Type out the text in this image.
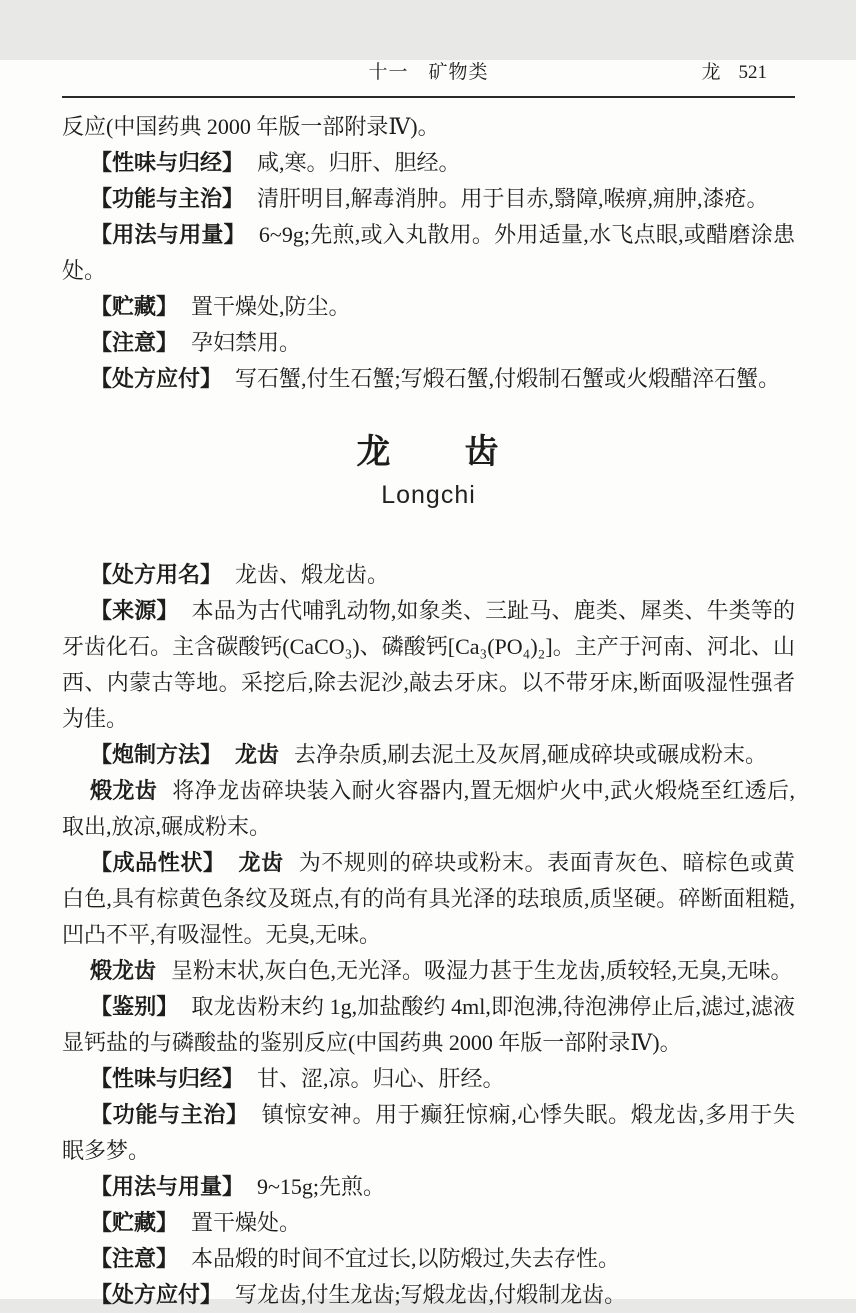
十一　矿物类	龙 521

反应(中国药典 2000 年版一部附录Ⅳ)。

【性味与归经】 咸,寒。归肝、胆经。

【功能与主治】 清肝明目,解毒消肿。用于目赤,翳障,喉痹,痈肿,漆疮。

【用法与用量】 6~9g;先煎,或入丸散用。外用适量,水飞点眼,或醋磨涂患处。

【贮藏】 置干燥处,防尘。

【注意】 孕妇禁用。

【处方应付】 写石蟹,付生石蟹;写煅石蟹,付煅制石蟹或火煅醋淬石蟹。

龙　　齿
Longchi

【处方用名】 龙齿、煅龙齿。

【来源】 本品为古代哺乳动物,如象类、三趾马、鹿类、犀类、牛类等的牙齿化石。主含碳酸钙(CaCO₃)、磷酸钙[Ca₃(PO₄)₂]。主产于河南、河北、山西、内蒙古等地。采挖后,除去泥沙,敲去牙床。以不带牙床,断面吸湿性强者为佳。

【炮制方法】 龙齿 去净杂质,刷去泥土及灰屑,砸成碎块或碾成粉末。

煅龙齿 将净龙齿碎块装入耐火容器内,置无烟炉火中,武火煅烧至红透后,取出,放凉,碾成粉末。

【成品性状】 龙齿 为不规则的碎块或粉末。表面青灰色、暗棕色或黄白色,具有棕黄色条纹及斑点,有的尚有具光泽的珐琅质,质坚硬。碎断面粗糙,凹凸不平,有吸湿性。无臭,无味。

煅龙齿 呈粉末状,灰白色,无光泽。吸湿力甚于生龙齿,质较轻,无臭,无味。

【鉴别】 取龙齿粉末约 1g,加盐酸约 4ml,即泡沸,待泡沸停止后,滤过,滤液显钙盐的与磷酸盐的鉴别反应(中国药典 2000 年版一部附录Ⅳ)。

【性味与归经】 甘、涩,凉。归心、肝经。

【功能与主治】 镇惊安神。用于癫狂惊痫,心悸失眠。煅龙齿,多用于失眠多梦。

【用法与用量】 9~15g;先煎。

【贮藏】 置干燥处。

【注意】 本品煅的时间不宜过长,以防煅过,失去存性。

【处方应付】 写龙齿,付生龙齿;写煅龙齿,付煅制龙齿。
